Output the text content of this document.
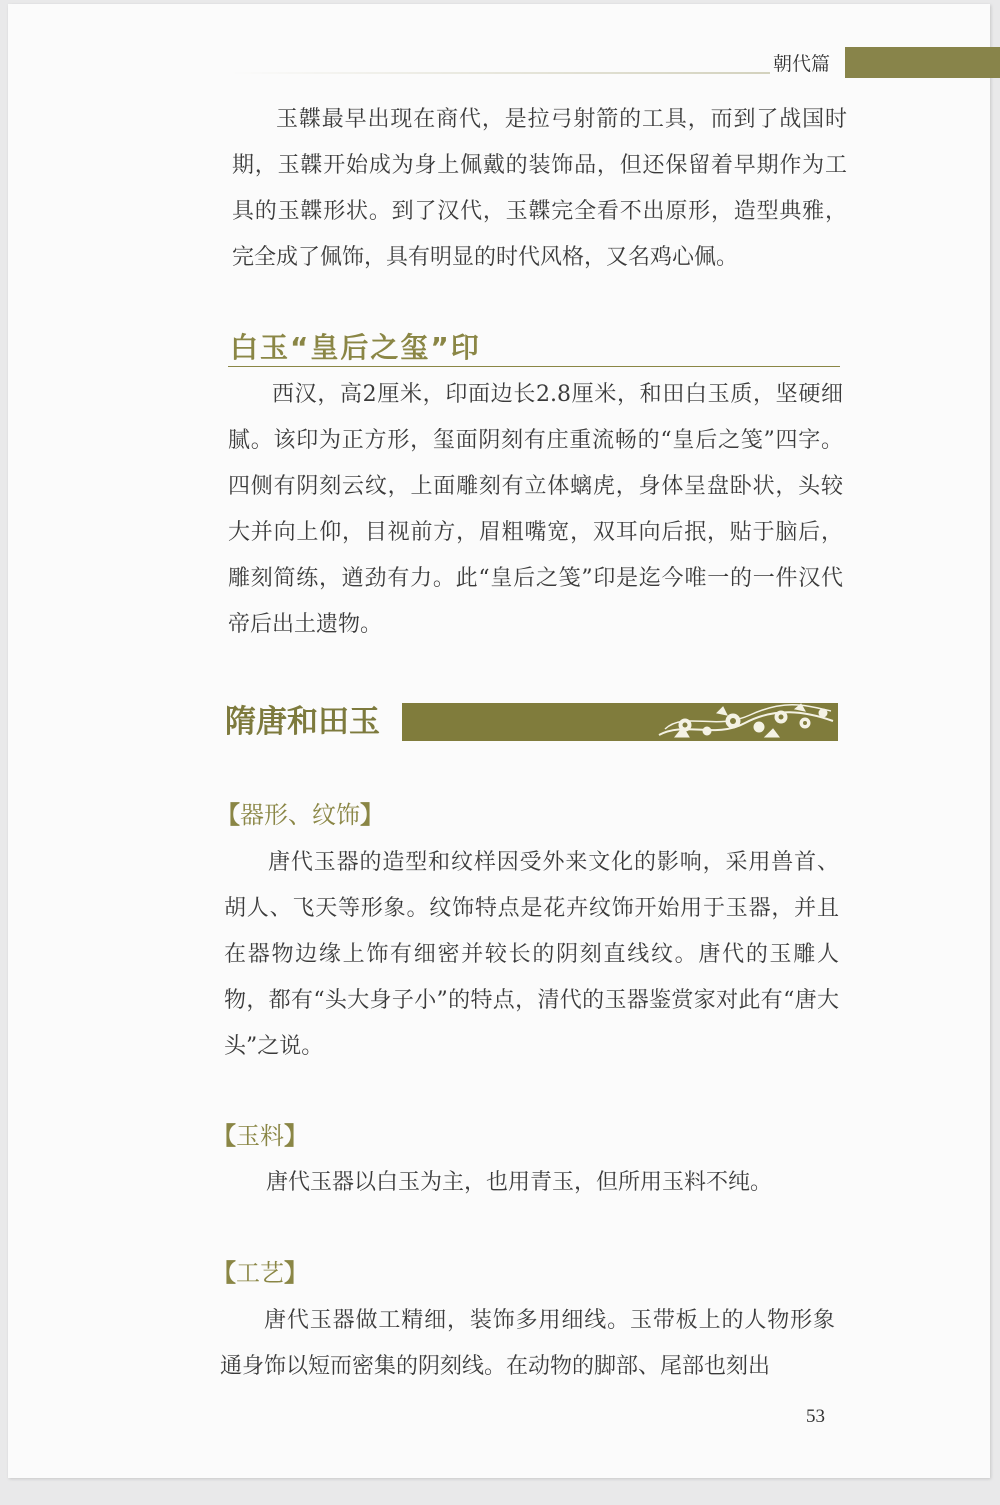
朝代篇

玉韘最早出现在商代，是拉弓射箭的工具，而到了战国时期，玉韘开始成为身上佩戴的装饰品，但还保留着早期作为工具的玉韘形状。到了汉代，玉韘完全看不出原形，造型典雅，完全成了佩饰，具有明显的时代风格，又名鸡心佩。

白玉“皇后之玺”印

西汉，高2厘米，印面边长2.8厘米，和田白玉质，坚硬细腻。该印为正方形，玺面阴刻有庄重流畅的“皇后之笺”四字。四侧有阴刻云纹，上面雕刻有立体螭虎，身体呈盘卧状，头较大并向上仰，目视前方，眉粗嘴宽，双耳向后抿，贴于脑后，雕刻简练，遒劲有力。此“皇后之笺”印是迄今唯一的一件汉代帝后出土遗物。

隋唐和田玉
【器形、纹饰】

唐代玉器的造型和纹样因受外来文化的影响，采用兽首、胡人、飞天等形象。纹饰特点是花卉纹饰开始用于玉器，并且在器物边缘上饰有细密并较长的阴刻直线纹。唐代的玉雕人物，都有“头大身子小”的特点，清代的玉器鉴赏家对此有“唐大头”之说。

【玉料】

唐代玉器以白玉为主，也用青玉，但所用玉料不纯。

【工艺】

唐代玉器做工精细，装饰多用细线。玉带板上的人物形象通身饰以短而密集的阴刻线。在动物的脚部、尾部也刻出

53
